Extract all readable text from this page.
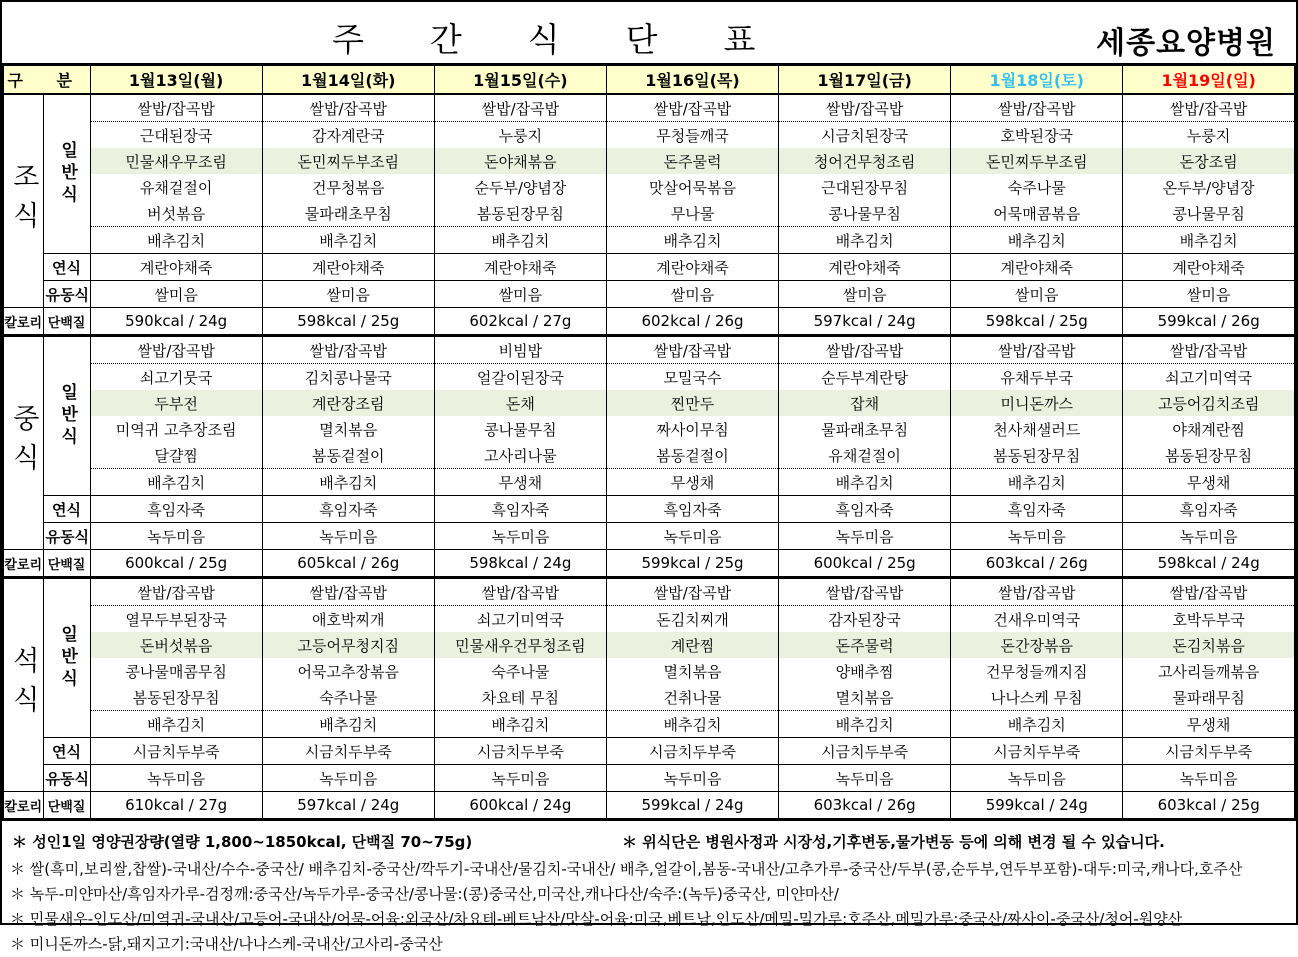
주간식단표	세종요양병원
구 분		1월13일(월)	1월14일(화)	1월15일(수)	1월16일(목)	1월17일(금)	1월18일(토)	1월19일(일)

조식	일반식	쌀밥/잡곡밥	쌀밥/잡곡밥	쌀밥/잡곡밥	쌀밥/잡곡밥	쌀밥/잡곡밥	쌀밥/잡곡밥	쌀밥/잡곡밥
		근대된장국	감자계란국	누룽지	무청들깨국	시금치된장국	호박된장국	누룽지
		민물새우무조림	돈민찌두부조림	돈야채볶음	돈주물럭	청어건무청조림	돈민찌두부조림	돈장조림
		유채겉절이	건무청볶음	순두부/양념장	맛살어묵볶음	근대된장무침	숙주나물	온두부/양념장
		버섯볶음	물파래초무침	봄동된장무침	무나물	콩나물무침	어묵매콤볶음	콩나물무침
		배추김치	배추김치	배추김치	배추김치	배추김치	배추김치	배추김치
	연식	계란야채죽	계란야채죽	계란야채죽	계란야채죽	계란야채죽	계란야채죽	계란야채죽
	유동식	쌀미음	쌀미음	쌀미음	쌀미음	쌀미음	쌀미음	쌀미음
칼로리	단백질	590kcal / 24g	598kcal / 25g	602kcal / 27g	602kcal / 26g	597kcal / 24g	598kcal / 25g	599kcal / 26g

중식	일반식	쌀밥/잡곡밥	쌀밥/잡곡밥	비빔밥	쌀밥/잡곡밥	쌀밥/잡곡밥	쌀밥/잡곡밥	쌀밥/잡곡밥
		쇠고기뭇국	김치콩나물국	얼갈이된장국	모밀국수	순두부계란탕	유채두부국	쇠고기미역국
		두부전	계란장조림	돈채	찐만두	잡채	미니돈까스	고등어김치조림
		미역귀 고추장조림	멸치볶음	콩나물무침	짜사이무침	물파래초무침	천사채샐러드	야채계란찜
		달걀찜	봄동겉절이	고사리나물	봄동겉절이	유채겉절이	봄동된장무침	봄동된장무침
		배추김치	배추김치	무생채	무생채	배추김치	배추김치	무생채
	연식	흑임자죽	흑임자죽	흑임자죽	흑임자죽	흑임자죽	흑임자죽	흑임자죽
	유동식	녹두미음	녹두미음	녹두미음	녹두미음	녹두미음	녹두미음	녹두미음
칼로리	단백질	600kcal / 25g	605kcal / 26g	598kcal / 24g	599kcal / 25g	600kcal / 25g	603kcal / 26g	598kcal / 24g

석식	일반식	쌀밥/잡곡밥	쌀밥/잡곡밥	쌀밥/잡곡밥	쌀밥/잡곡밥	쌀밥/잡곡밥	쌀밥/잡곡밥	쌀밥/잡곡밥
		열무두부된장국	애호박찌개	쇠고기미역국	돈김치찌개	감자된장국	건새우미역국	호박두부국
		돈버섯볶음	고등어무청지짐	민물새우건무청조림	계란찜	돈주물럭	돈간장볶음	돈김치볶음
		콩나물매콤무침	어묵고추장볶음	숙주나물	멸치볶음	양배추찜	건무청들깨지짐	고사리들깨볶음
		봄동된장무침	숙주나물	차요테 무침	건취나물	멸치볶음	나나스케 무침	물파래무침
		배추김치	배추김치	배추김치	배추김치	배추김치	배추김치	무생채
	연식	시금치두부죽	시금치두부죽	시금치두부죽	시금치두부죽	시금치두부죽	시금치두부죽	시금치두부죽
	유동식	녹두미음	녹두미음	녹두미음	녹두미음	녹두미음	녹두미음	녹두미음
칼로리	단백질	610kcal / 27g	597kcal / 24g	600kcal / 24g	599kcal / 24g	603kcal / 26g	599kcal / 24g	603kcal / 25g
＊ 성인1일 영양권장량(열량 1,800~1850kcal, 단백질 70~75g)	＊ 위식단은 병원사정과 시장성,기후변동,물가변동 등에 의해 변경 될 수 있습니다.
＊ 쌀(흑미,보리쌀,찹쌀)-국내산/수수-중국산/ 배추김치-중국산/깍두기-국내산/물김치-국내산/ 배추,얼갈이,봄동-국내산/고추가루-중국산/두부(콩,순두부,연두부포함)-대두:미국,캐나다,호주산
＊ 녹두-미얀마산/흑임자가루-검정깨:중국산/녹두가루-중국산/콩나물:(콩)중국산,미국산,캐나다산/숙주:(녹두)중국산, 미얀마산/
＊ 민물새우-인도산/미역귀-국내산/고등어-국내산/어묵-어육:외국산/차요테-베트남산/맛살-어육:미국,베트남,인도산/메밀-밀가루:호주산,메밀가루:중국산/짜사이-중국산/청어-원양산
＊ 미니돈까스-닭,돼지고기:국내산/나나스케-국내산/고사리-중국산
